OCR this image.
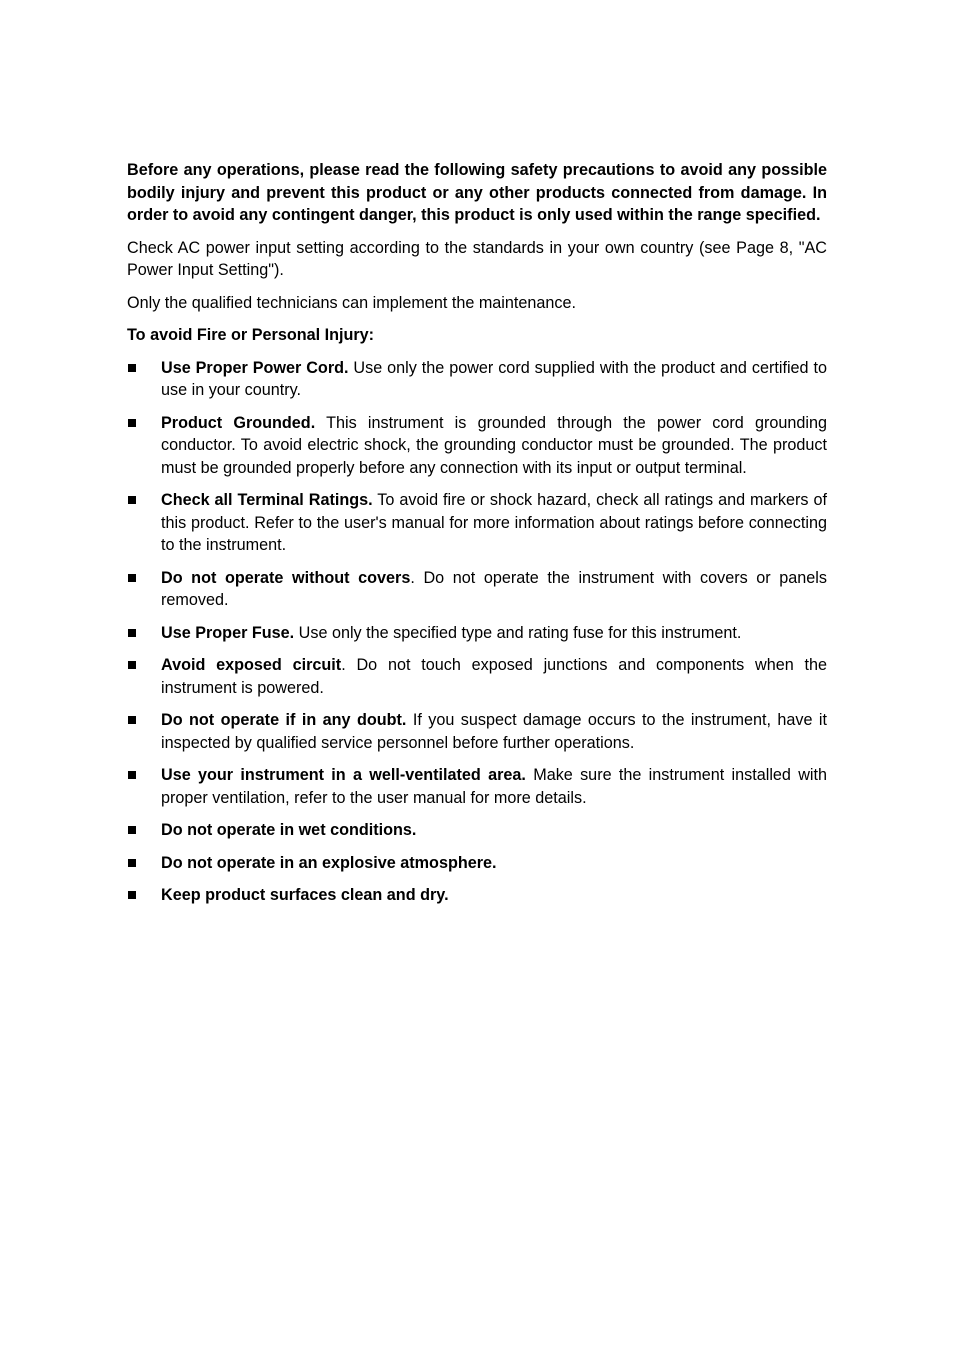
Before any operations, please read the following safety precautions to avoid any possible bodily injury and prevent this product or any other products connected from damage. In order to avoid any contingent danger, this product is only used within the range specified.

Check AC power input setting according to the standards in your own country (see Page 8, "AC Power Input Setting").

Only the qualified technicians can implement the maintenance.

To avoid Fire or Personal Injury:

Use Proper Power Cord. Use only the power cord supplied with the product and certified to use in your country.
Product Grounded. This instrument is grounded through the power cord grounding conductor. To avoid electric shock, the grounding conductor must be grounded. The product must be grounded properly before any connection with its input or output terminal.
Check all Terminal Ratings. To avoid fire or shock hazard, check all ratings and markers of this product. Refer to the user's manual for more information about ratings before connecting to the instrument.
Do not operate without covers. Do not operate the instrument with covers or panels removed.
Use Proper Fuse. Use only the specified type and rating fuse for this instrument.
Avoid exposed circuit. Do not touch exposed junctions and components when the instrument is powered.
Do not operate if in any doubt. If you suspect damage occurs to the instrument, have it inspected by qualified service personnel before further operations.
Use your instrument in a well-ventilated area. Make sure the instrument installed with proper ventilation, refer to the user manual for more details.
Do not operate in wet conditions.
Do not operate in an explosive atmosphere.
Keep product surfaces clean and dry.
